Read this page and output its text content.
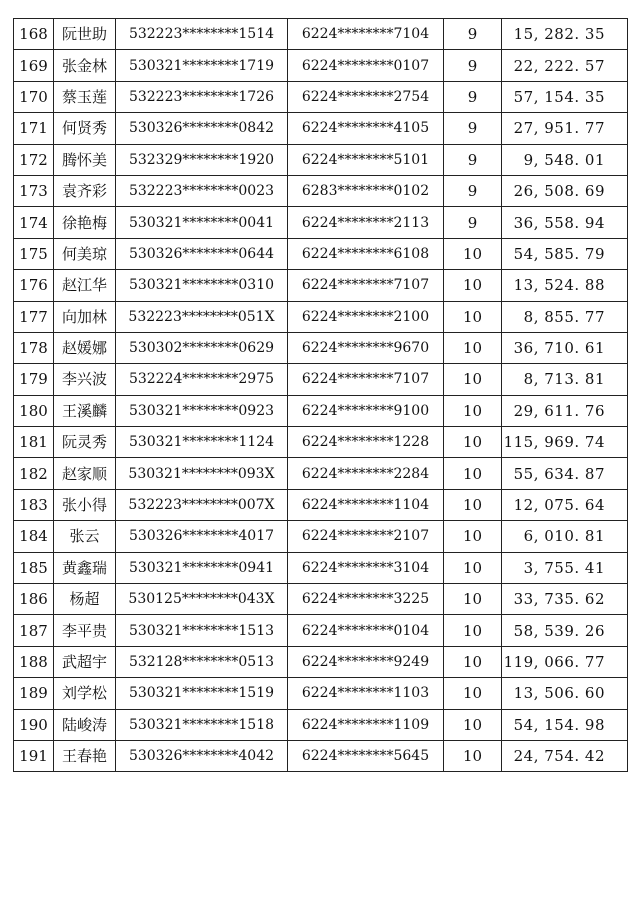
168	阮世助	532223********1514	6224********7104	9	15, 282. 35
169	张金林	530321********1719	6224********0107	9	22, 222. 57
170	蔡玉莲	532223********1726	6224********2754	9	57, 154. 35
171	何贤秀	530326********0842	6224********4105	9	27, 951. 77
172	腾怀美	532329********1920	6224********5101	9	9, 548. 01
173	袁齐彩	532223********0023	6283********0102	9	26, 508. 69
174	徐艳梅	530321********0041	6224********2113	9	36, 558. 94
175	何美琼	530326********0644	6224********6108	10	54, 585. 79
176	赵江华	530321********0310	6224********7107	10	13, 524. 88
177	向加林	532223********051X	6224********2100	10	8, 855. 77
178	赵媛娜	530302********0629	6224********9670	10	36, 710. 61
179	李兴波	532224********2975	6224********7107	10	8, 713. 81
180	王溪麟	530321********0923	6224********9100	10	29, 611. 76
181	阮灵秀	530321********1124	6224********1228	10	115, 969. 74
182	赵家顺	530321********093X	6224********2284	10	55, 634. 87
183	张小得	532223********007X	6224********1104	10	12, 075. 64
184	张云	530326********4017	6224********2107	10	6, 010. 81
185	黄鑫瑞	530321********0941	6224********3104	10	3, 755. 41
186	杨超	530125********043X	6224********3225	10	33, 735. 62
187	李平贵	530321********1513	6224********0104	10	58, 539. 26
188	武超宇	532128********0513	6224********9249	10	119, 066. 77
189	刘学松	530321********1519	6224********1103	10	13, 506. 60
190	陆峻涛	530321********1518	6224********1109	10	54, 154. 98
191	王春艳	530326********4042	6224********5645	10	24, 754. 42
